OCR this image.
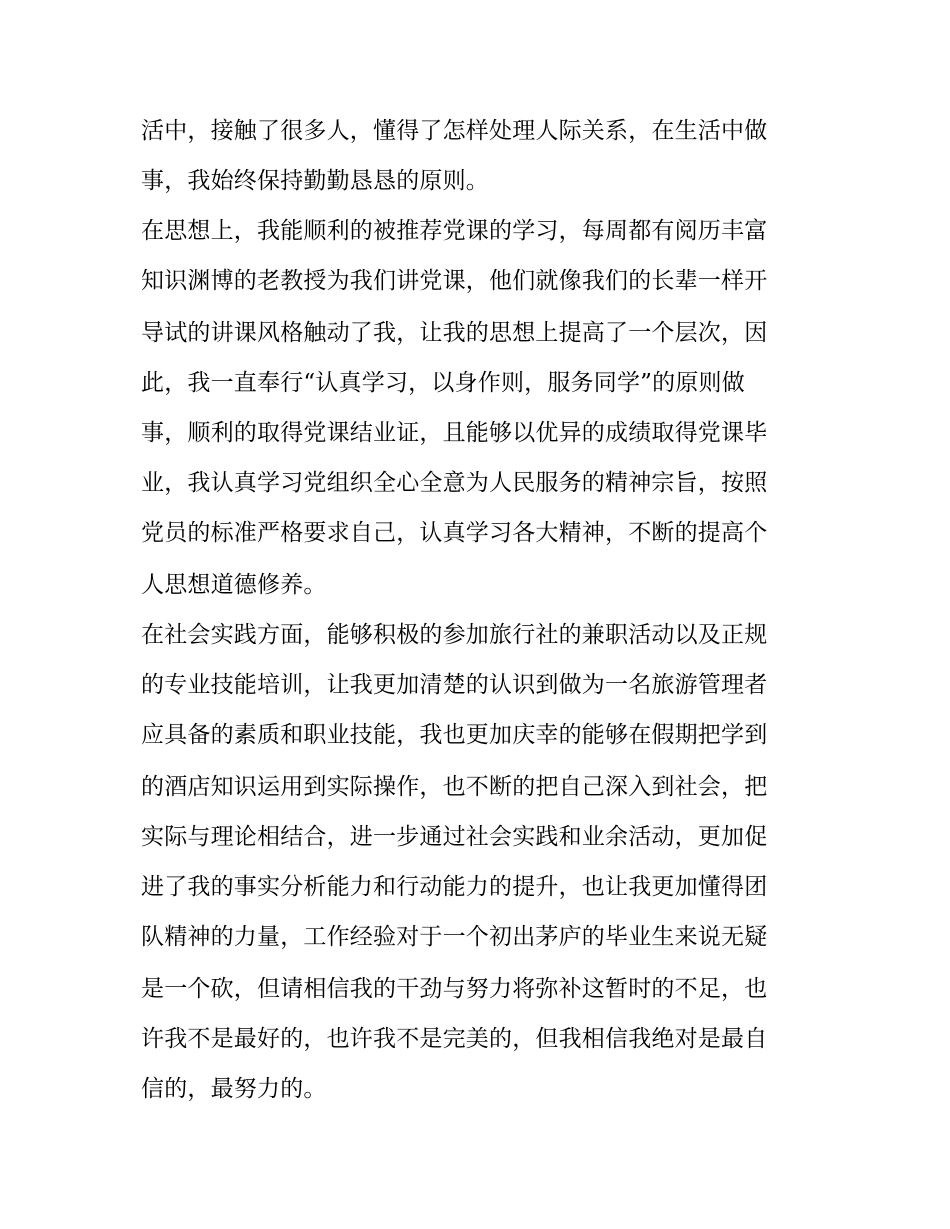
活中，接触了很多人，懂得了怎样处理人际关系，在生活中做

事，我始终保持勤勤恳恳的原则。

在思想上，我能顺利的被推荐党课的学习，每周都有阅历丰富

知识渊博的老教授为我们讲党课，他们就像我们的长辈一样开

导试的讲课风格触动了我，让我的思想上提高了一个层次，因

此，我一直奉行“认真学习，以身作则，服务同学”的原则做

事，顺利的取得党课结业证，且能够以优异的成绩取得党课毕

业，我认真学习党组织全心全意为人民服务的精神宗旨，按照

党员的标准严格要求自己，认真学习各大精神，不断的提高个

人思想道德修养。

在社会实践方面，能够积极的参加旅行社的兼职活动以及正规

的专业技能培训，让我更加清楚的认识到做为一名旅游管理者

应具备的素质和职业技能，我也更加庆幸的能够在假期把学到

的酒店知识运用到实际操作，也不断的把自己深入到社会，把

实际与理论相结合，进一步通过社会实践和业余活动，更加促

进了我的事实分析能力和行动能力的提升，也让我更加懂得团

队精神的力量，工作经验对于一个初出茅庐的毕业生来说无疑

是一个砍，但请相信我的干劲与努力将弥补这暂时的不足，也

许我不是最好的，也许我不是完美的，但我相信我绝对是最自

信的，最努力的。
